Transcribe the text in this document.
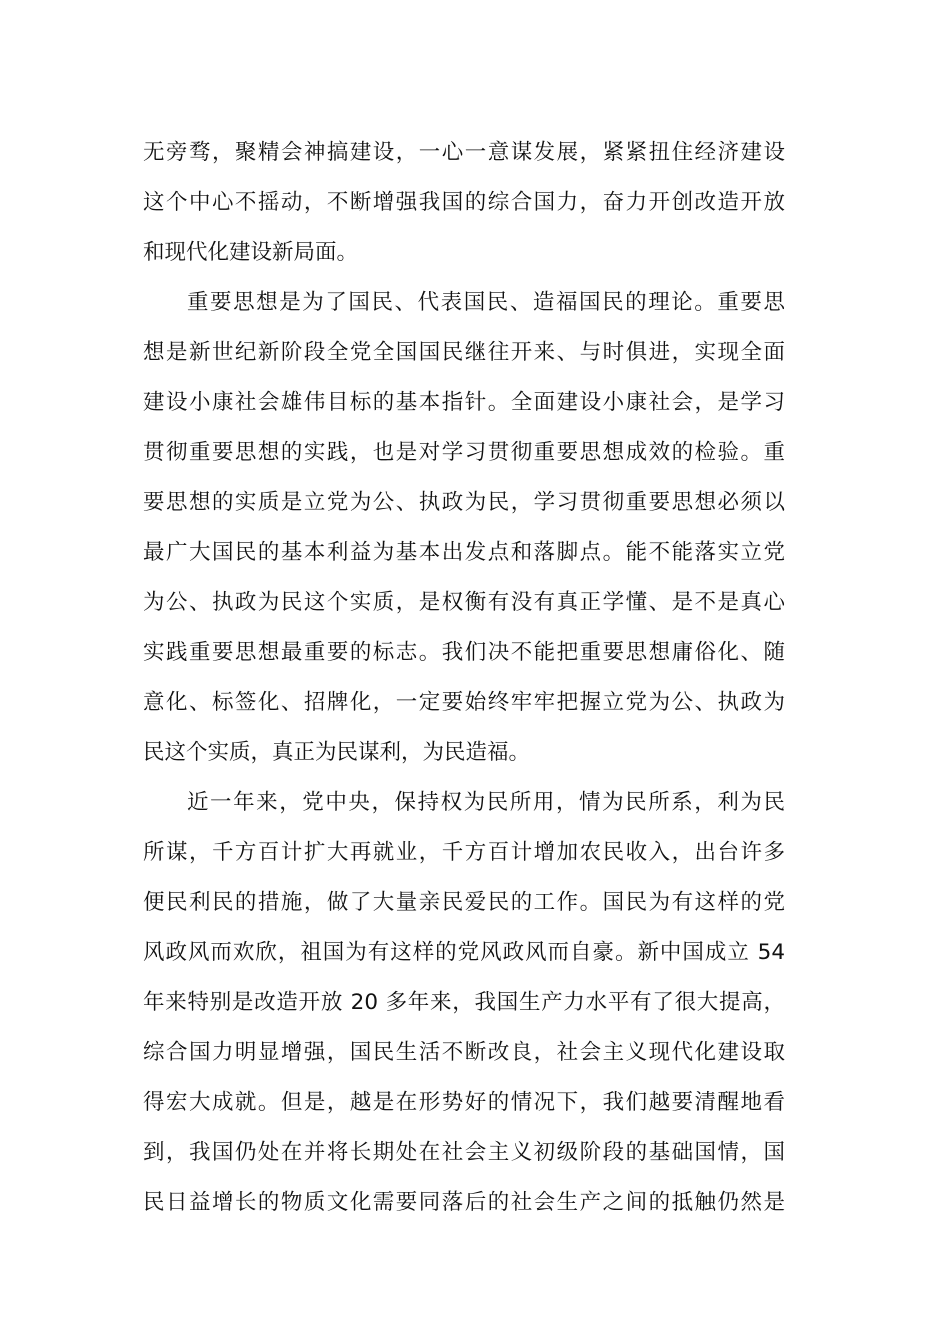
无旁骛，聚精会神搞建设，一心一意谋发展，紧紧扭住经济建设
这个中心不摇动，不断增强我国的综合国力，奋力开创改造开放
和现代化建设新局面。
重要思想是为了国民、代表国民、造福国民的理论。重要思
想是新世纪新阶段全党全国国民继往开来、与时俱进，实现全面
建设小康社会雄伟目标的基本指针。全面建设小康社会，是学习
贯彻重要思想的实践，也是对学习贯彻重要思想成效的检验。重
要思想的实质是立党为公、执政为民，学习贯彻重要思想必须以
最广大国民的基本利益为基本出发点和落脚点。能不能落实立党
为公、执政为民这个实质，是权衡有没有真正学懂、是不是真心
实践重要思想最重要的标志。我们决不能把重要思想庸俗化、随
意化、标签化、招牌化，一定要始终牢牢把握立党为公、执政为
民这个实质，真正为民谋利，为民造福。
近一年来，党中央，保持权为民所用，情为民所系，利为民
所谋，千方百计扩大再就业，千方百计增加农民收入，出台许多
便民利民的措施，做了大量亲民爱民的工作。国民为有这样的党
风政风而欢欣，祖国为有这样的党风政风而自豪。新中国成立 54
年来特别是改造开放 20 多年来，我国生产力水平有了很大提高，
综合国力明显增强，国民生活不断改良，社会主义现代化建设取
得宏大成就。但是，越是在形势好的情况下，我们越要清醒地看
到，我国仍处在并将长期处在社会主义初级阶段的基础国情，国
民日益增长的物质文化需要同落后的社会生产之间的抵触仍然是
